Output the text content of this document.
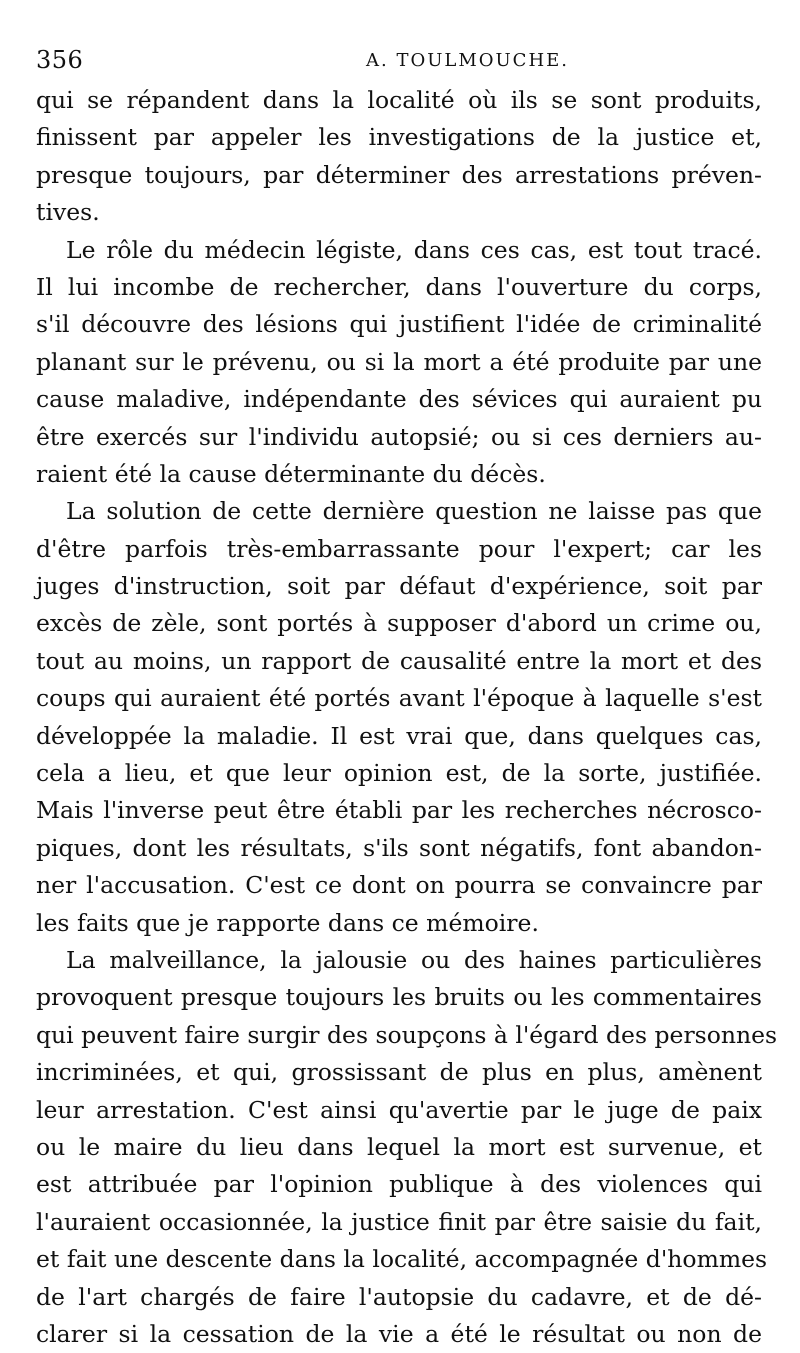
356	A. TOULMOUCHE.
qui se répandent dans la localité où ils se sont produits,
finissent par appeler les investigations de la justice et,
presque toujours, par déterminer des arrestations préven-
tives.
Le rôle du médecin légiste, dans ces cas, est tout tracé.
Il lui incombe de rechercher, dans l'ouverture du corps,
s'il découvre des lésions qui justifient l'idée de criminalité
planant sur le prévenu, ou si la mort a été produite par une
cause maladive, indépendante des sévices qui auraient pu
être exercés sur l'individu autopsié; ou si ces derniers au-
raient été la cause déterminante du décès.
La solution de cette dernière question ne laisse pas que
d'être parfois très-embarrassante pour l'expert; car les
juges d'instruction, soit par défaut d'expérience, soit par
excès de zèle, sont portés à supposer d'abord un crime ou,
tout au moins, un rapport de causalité entre la mort et des
coups qui auraient été portés avant l'époque à laquelle s'est
développée la maladie. Il est vrai que, dans quelques cas,
cela a lieu, et que leur opinion est, de la sorte, justifiée.
Mais l'inverse peut être établi par les recherches nécrosco-
piques, dont les résultats, s'ils sont négatifs, font abandon-
ner l'accusation. C'est ce dont on pourra se convaincre par
les faits que je rapporte dans ce mémoire.
La malveillance, la jalousie ou des haines particulières
provoquent presque toujours les bruits ou les commentaires
qui peuvent faire surgir des soupçons à l'égard des personnes
incriminées, et qui, grossissant de plus en plus, amènent
leur arrestation. C'est ainsi qu'avertie par le juge de paix
ou le maire du lieu dans lequel la mort est survenue, et
est attribuée par l'opinion publique à des violences qui
l'auraient occasionnée, la justice finit par être saisie du fait,
et fait une descente dans la localité, accompagnée d'hommes
de l'art chargés de faire l'autopsie du cadavre, et de dé-
clarer si la cessation de la vie a été le résultat ou non de
